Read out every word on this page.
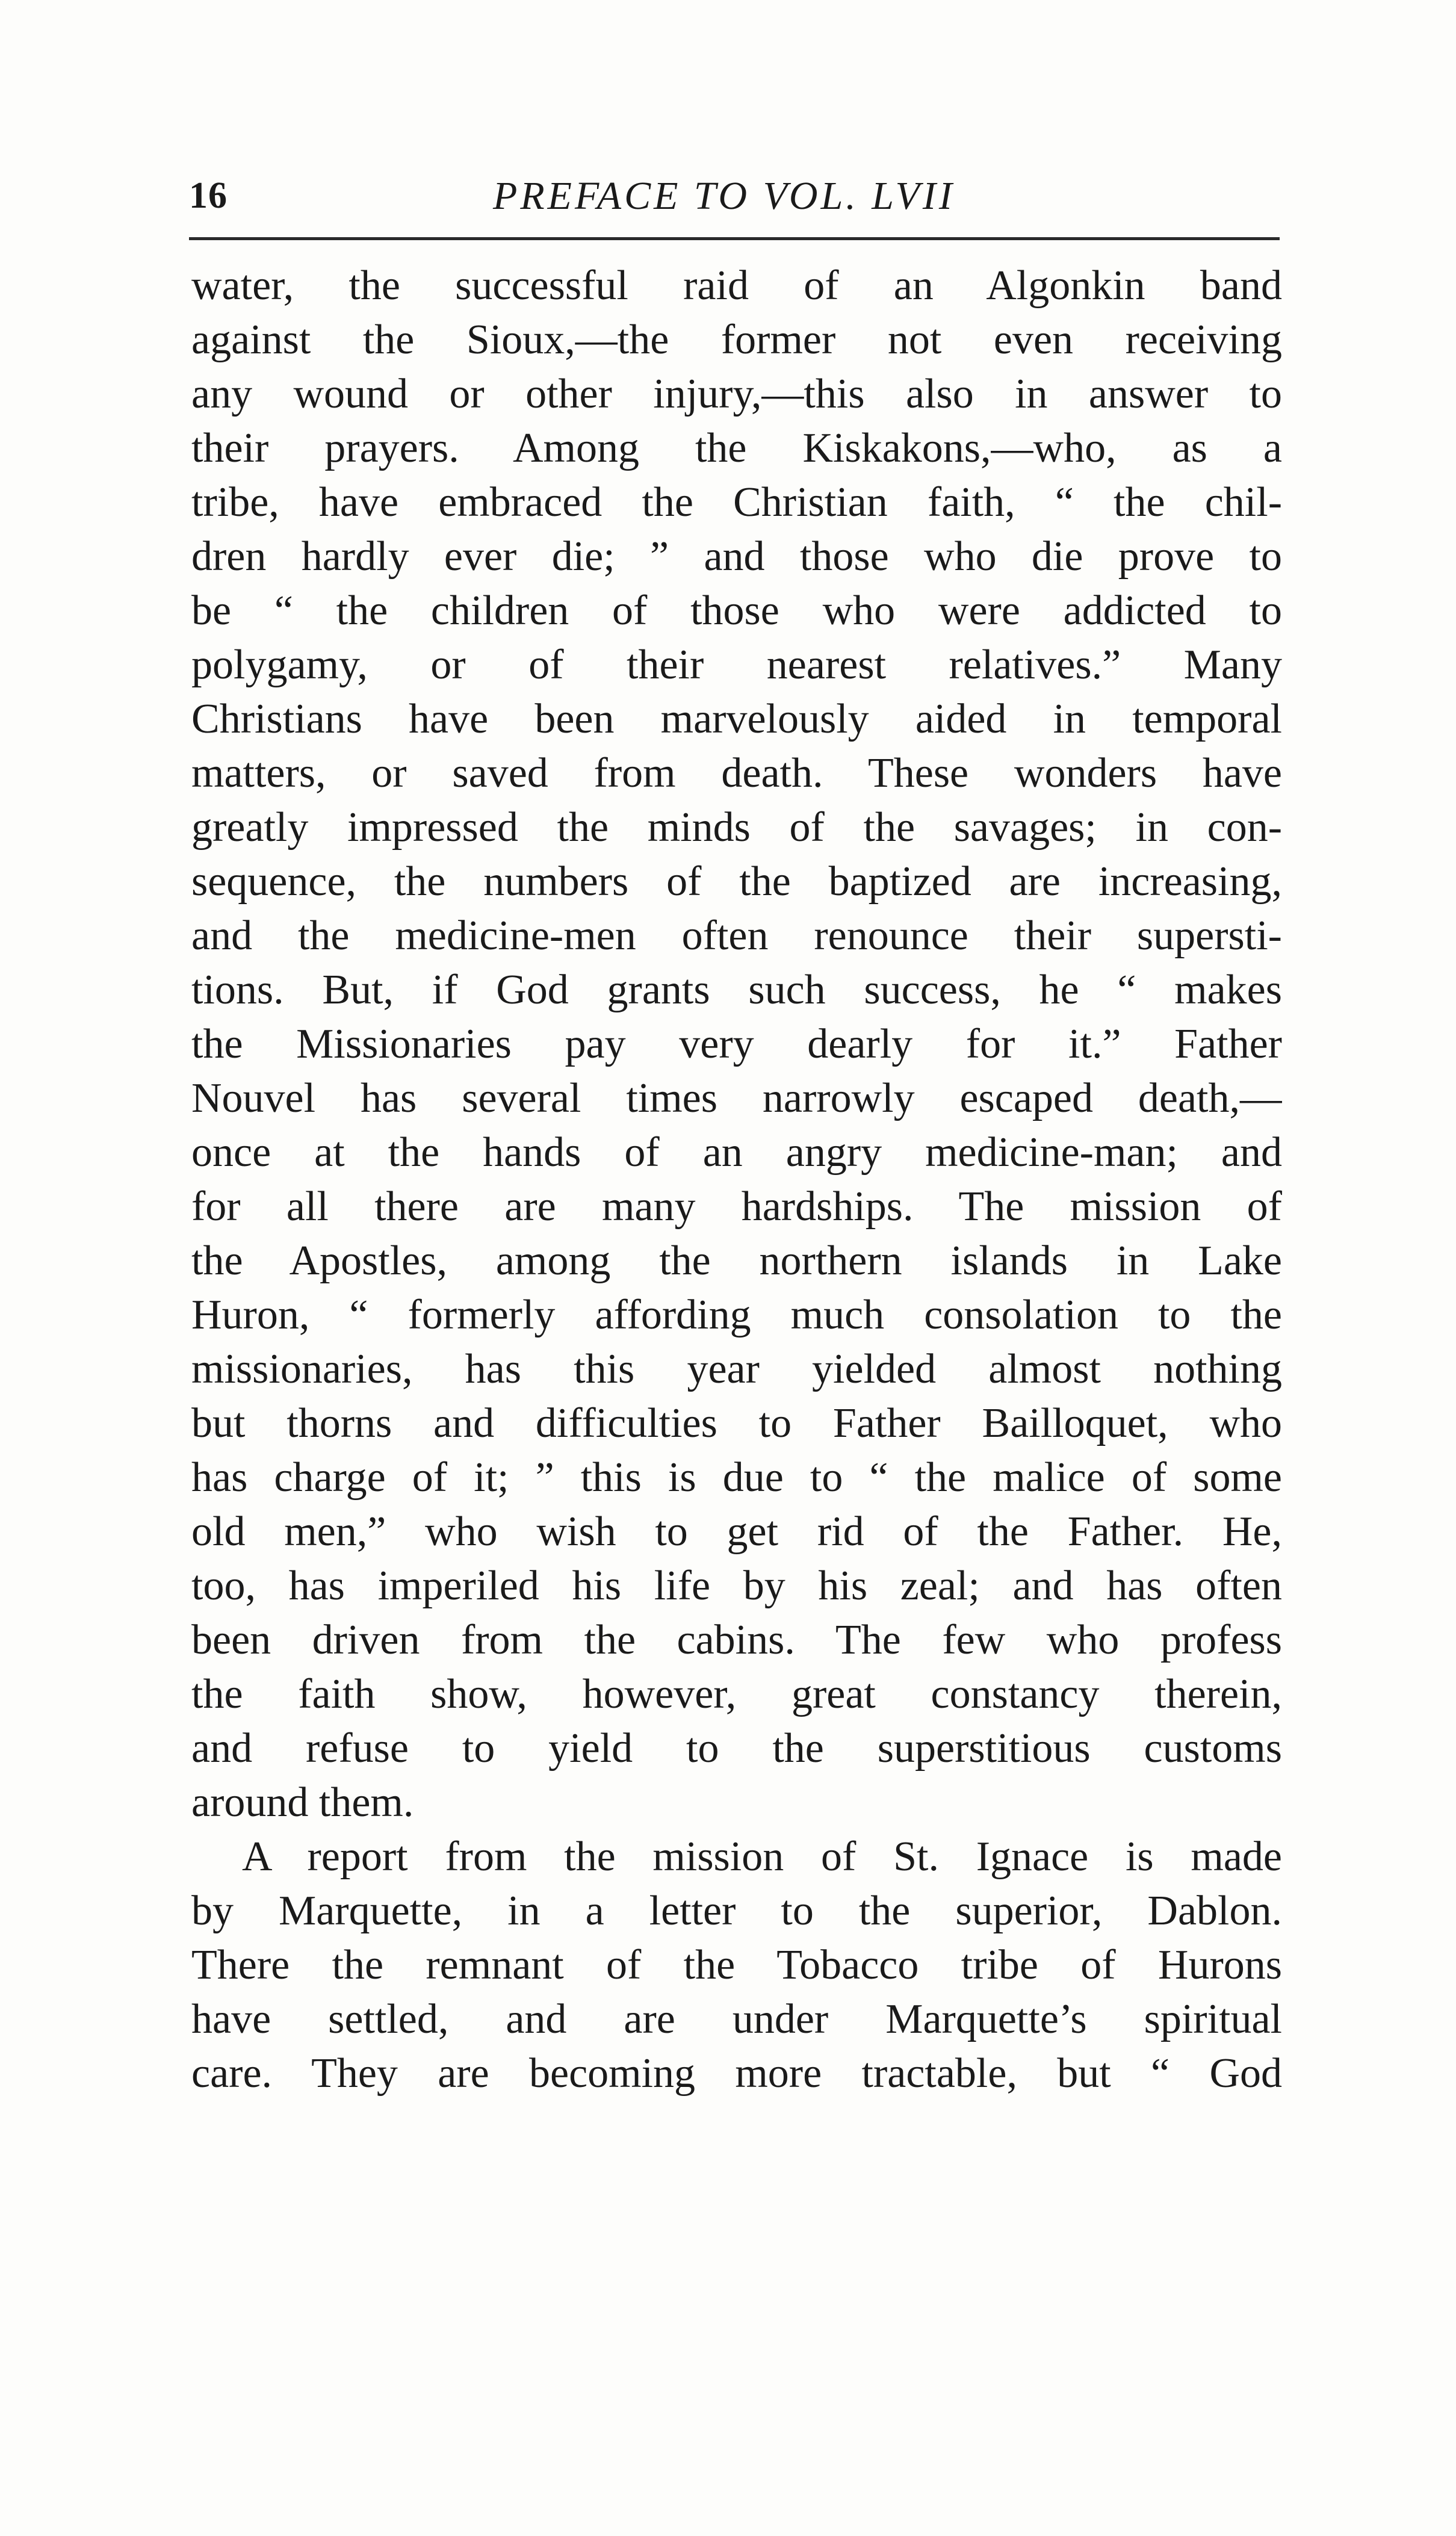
16	PREFACE TO VOL. LVII
water, the successful raid of an Algonkin band
against the Sioux,—the former not even receiving
any wound or other injury,—this also in answer to
their prayers. Among the Kiskakons,—who, as a
tribe, have embraced the Christian faith, “ the chil-
dren hardly ever die; ” and those who die prove to
be “ the children of those who were addicted to
polygamy, or of their nearest relatives.” Many
Christians have been marvelously aided in temporal
matters, or saved from death. These wonders have
greatly impressed the minds of the savages; in con-
sequence, the numbers of the baptized are increasing,
and the medicine-men often renounce their supersti-
tions. But, if God grants such success, he “ makes
the Missionaries pay very dearly for it.” Father
Nouvel has several times narrowly escaped death,—
once at the hands of an angry medicine-man; and
for all there are many hardships. The mission of
the Apostles, among the northern islands in Lake
Huron, “ formerly affording much consolation to the
missionaries, has this year yielded almost nothing
but thorns and difficulties to Father Bailloquet, who
has charge of it; ” this is due to “ the malice of some
old men,” who wish to get rid of the Father. He,
too, has imperiled his life by his zeal; and has often
been driven from the cabins. The few who profess
the faith show, however, great constancy therein,
and refuse to yield to the superstitious customs
around them.
A report from the mission of St. Ignace is made
by Marquette, in a letter to the superior, Dablon.
There the remnant of the Tobacco tribe of Hurons
have settled, and are under Marquette’s spiritual
care. They are becoming more tractable, but “ God
